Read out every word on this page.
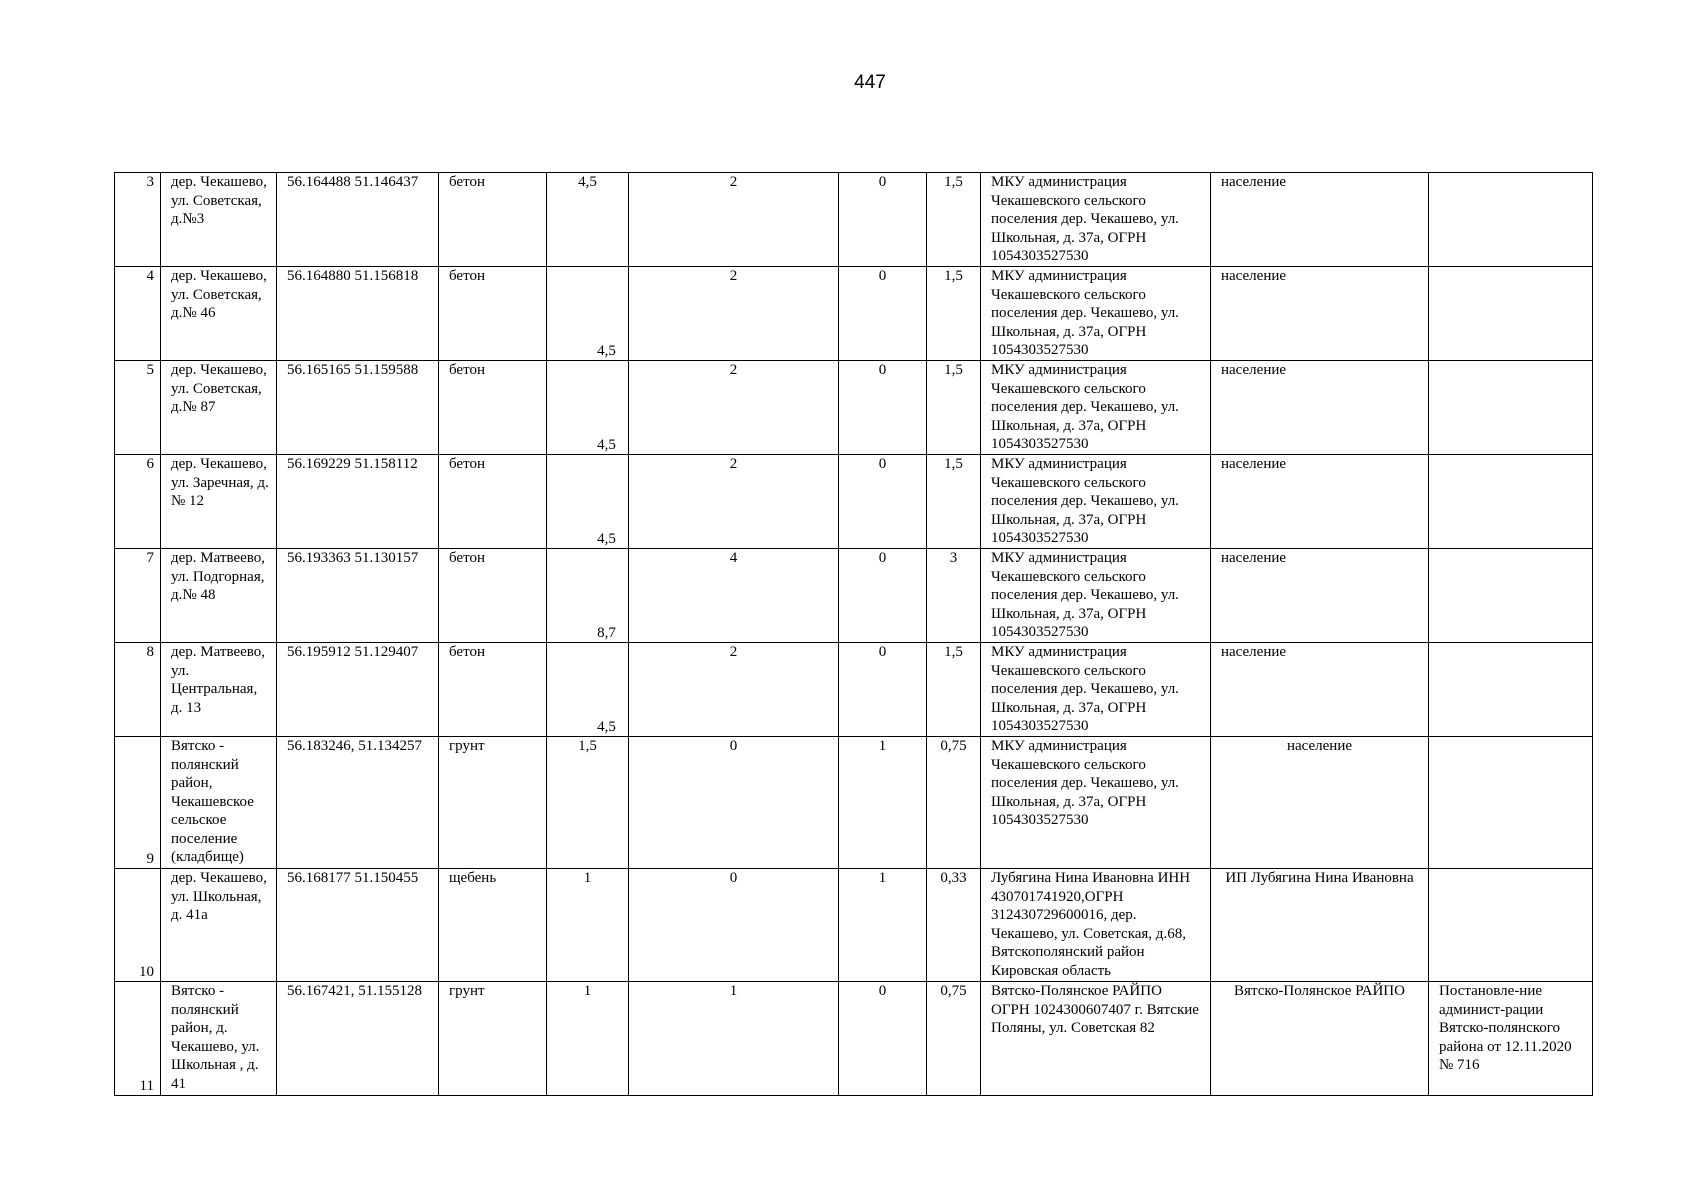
447
3	дер. Чекашево, ул. Советская, д.№3	56.164488 51.146437	бетон	4,5	2	0	1,5	МКУ администрация Чекашевского сельского поселения дер. Чекашево, ул. Школьная, д. 37а, ОГРН 1054303527530	население	
4	дер. Чекашево, ул. Советская, д.№ 46	56.164880 51.156818	бетон	4,5	2	0	1,5	МКУ администрация Чекашевского сельского поселения дер. Чекашево, ул. Школьная, д. 37а, ОГРН 1054303527530	население	
5	дер. Чекашево, ул. Советская, д.№ 87	56.165165 51.159588	бетон	4,5	2	0	1,5	МКУ администрация Чекашевского сельского поселения дер. Чекашево, ул. Школьная, д. 37а, ОГРН 1054303527530	население	
6	дер. Чекашево, ул. Заречная, д.№ 12	56.169229 51.158112	бетон	4,5	2	0	1,5	МКУ администрация Чекашевского сельского поселения дер. Чекашево, ул. Школьная, д. 37а, ОГРН 1054303527530	население	
7	дер. Матвеево, ул. Подгорная, д.№ 48	56.193363 51.130157	бетон	8,7	4	0	3	МКУ администрация Чекашевского сельского поселения дер. Чекашево, ул. Школьная, д. 37а, ОГРН 1054303527530	население	
8	дер. Матвеево, ул. Центральная, д. 13	56.195912 51.129407	бетон	4,5	2	0	1,5	МКУ администрация Чекашевского сельского поселения дер. Чекашево, ул. Школьная, д. 37а, ОГРН 1054303527530	население	
9	Вятско - полянский район, Чекашевское сельское поселение (кладбище)	56.183246, 51.134257	грунт	1,5	0	1	0,75	МКУ администрация Чекашевского сельского поселения дер. Чекашево, ул. Школьная, д. 37а, ОГРН 1054303527530	население	
10	дер. Чекашево, ул. Школьная, д. 41а	56.168177 51.150455	щебень	1	0	1	0,33	Лубягина Нина Ивановна ИНН 430701741920,ОГРН 312430729600016, дер. Чекашево, ул. Советская, д.68, Вятскополянский район Кировская область	ИП Лубягина Нина Ивановна	
11	Вятско - полянский район, д. Чекашево, ул. Школьная , д. 41	56.167421, 51.155128	грунт	1	1	0	0,75	Вятско-Полянское РАЙПО ОГРН 1024300607407 г. Вятские Поляны, ул. Советская 82	Вятско-Полянское РАЙПО	Постановле-ние админист-рации Вятско-полянского района от 12.11.2020 № 716
